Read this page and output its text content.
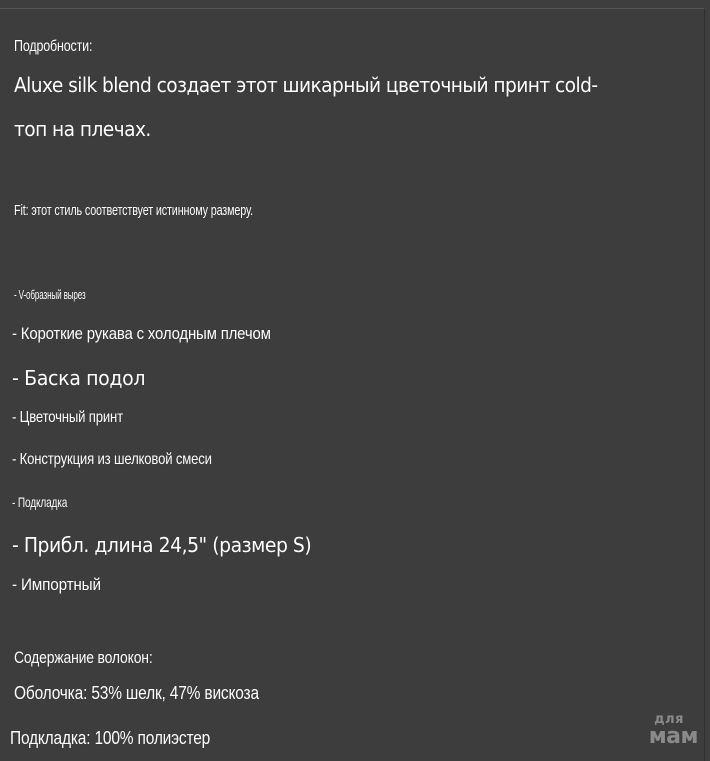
Подробности:
Aluxe silk blend создает этот шикарный цветочный принт cold-
топ на плечах.
Fit: этот стиль соответствует истинному размеру.
- V-образный вырез
- Короткие рукава с холодным плечом
- Баска подол
- Цветочный принт
- Конструкция из шелковой смеси
- Подкладка
- Прибл. длина 24,5" (размер S)
- Импортный
Содержание волокон:
Оболочка: 53% шелк, 47% вискоза
Подкладка: 100% полиэстер
для
мам
